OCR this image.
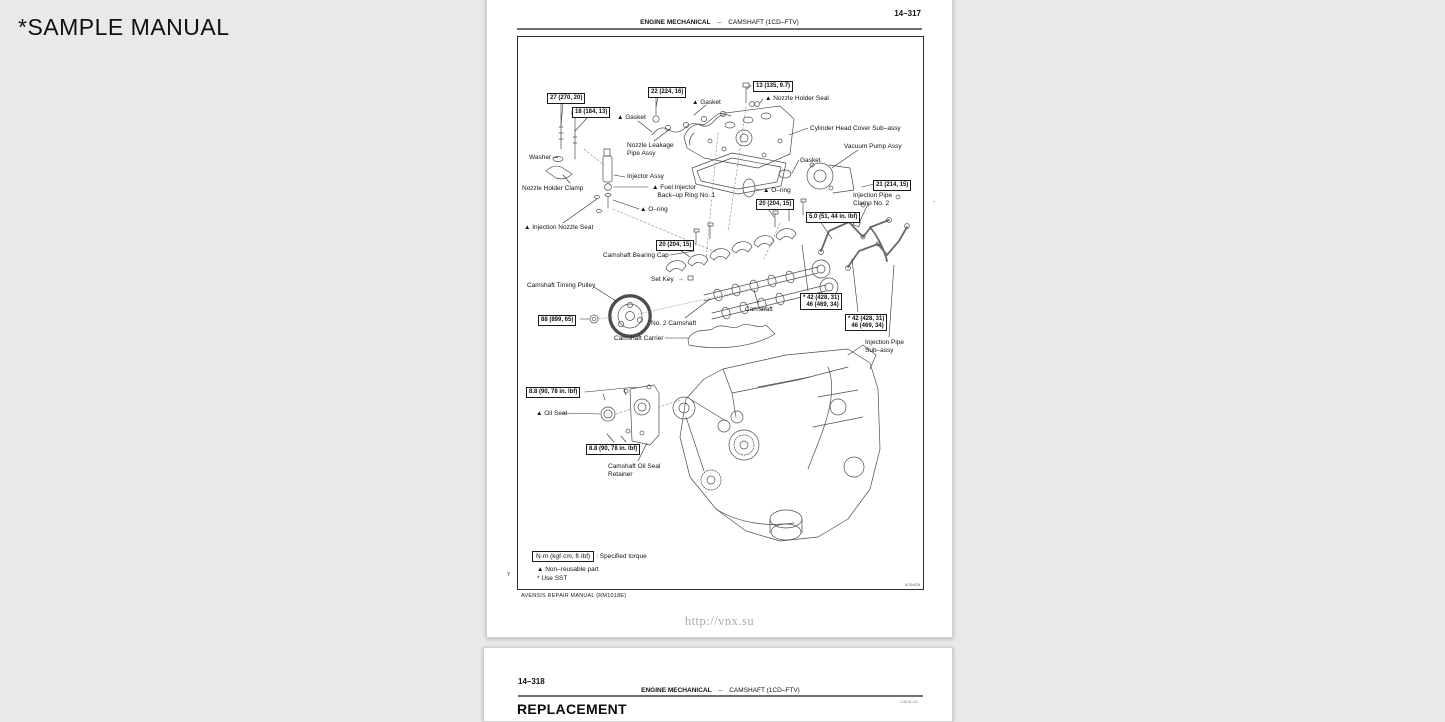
*SAMPLE MANUAL
14–317
ENGINE MECHANICAL – CAMSHAFT (1CD–FTV)
N·m (kgf·cm, ft·lbf) : Specified torque
▲ Non–reusable part
* Use SST
A79428
27 (270, 20)
18 (184, 13)
22 (224, 16)
13 (135, 9.7)
21 (214, 15)
20 (204, 15)
5.0 (51, 44 in. lbf)
20 (204, 15)
88 (899, 65)
* 42 (428, 31)
46 (469, 34)
* 42 (428, 31)
46 (469, 34)
8.8 (90, 78 in. lbf)
8.8 (90, 78 in. lbf)
▲ Gasket
▲ Gasket
▲ Nozzle Holder Seal
Cylinder Head Cover Sub–assy
Vacuum Pump Assy
Gasket
Washer →
Nozzle Leakage
Pipe Assy
Injector Assy
Nozzle Holder Clamp	▲ Fuel Injector
Back–up Ring No. 1
▲ O–ring
▲ O–ring
Injection Pipe
Clamp No. 2
▲ Injection Nozzle Seat
Camshaft Bearing Cap
Set Key  →
Camshaft Timing Pulley
No. 2 Camshaft
Camshaft
Camshaft Carrier
Injection Pipe
Sub–assy
▲ Oil Seal
Camshaft Oil Seal
Retainer
Y
AVENSIS REPAIR MANUAL (RM1018E)
http://vnx.su
.
14–318
ENGINE MECHANICAL – CAMSHAFT (1CD–FTV)
14IC8–01
REPLACEMENT
